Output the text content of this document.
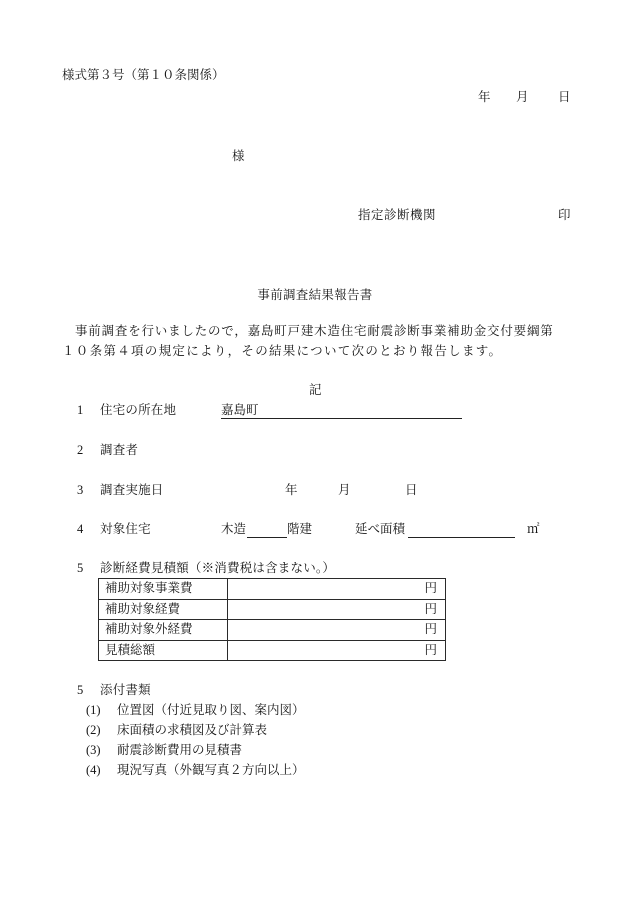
様式第３号（第１０条関係）
年 月 日
様
指定診断機関	印
事前調査結果報告書
事前調査を行いましたので，嘉島町戸建木造住宅耐震診断事業補助金交付要綱第
１０条第４項の規定により，その結果について次のとおり報告します。
記
1 住宅の所在地	嘉島町
2 調査者
3 調査実施日	年	月	日
4 対象住宅	木造	階建	延べ面積	㎡
5 診断経費見積額（※消費税は含まない。）
補助対象事業費	円
補助対象経費	円
補助対象外経費	円
見積総額	円
5 添付書類
(1) 位置図（付近見取り図、案内図）
(2) 床面積の求積図及び計算表
(3) 耐震診断費用の見積書
(4) 現況写真（外観写真２方向以上）
